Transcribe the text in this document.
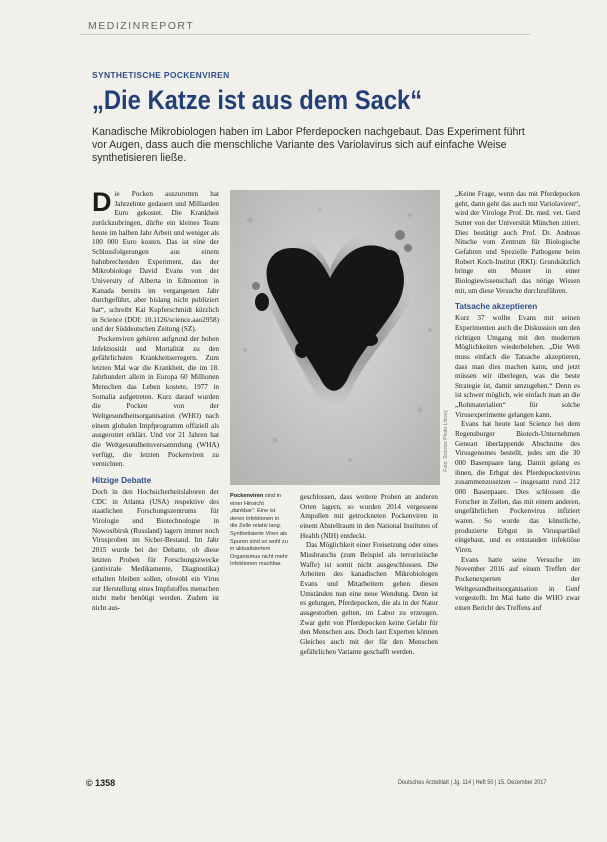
MEDIZINREPORT
SYNTHETISCHE POCKENVIREN
„Die Katze ist aus dem Sack“
Kanadische Mikrobiologen haben im Labor Pferdepocken nachgebaut. Das Experiment führt vor Augen, dass auch die menschliche Variante des Variolavirus sich auf einfache Weise synthetisieren ließe.

Die Pocken auszurotten hat Jahrzehnte gedauert und Milliarden Euro gekostet. Die Krankheit zurückzubringen, dürfte ein kleines Team heute im halben Jahr Arbeit und weniger als 100 000 Euro kosten. Das ist eine der Schlussfolgerungen aus einem bahnbrechenden Experiment, das der Mikrobiologe David Evans von der University of Alberta in Edmonton in Kanada bereits im vergangenen Jahr durchgeführt, aber bislang nicht publiziert hat“, schreibt Kai Kupferschmidt kürzlich in Science (DOI: 10.1126/science.aao2958) und der Süddeutschen Zeitung (SZ).

Pockenviren gehören aufgrund der hohen Infektiosität und Mortalität zu den gefährlichsten Krankheitserregern. Zum letzten Mal war die Krankheit, die im 18. Jahrhundert allein in Europa 60 Millionen Menschen das Leben kostete, 1977 in Somalia aufgetreten. Kurz darauf wurden die Pocken von der Weltgesundheitsorganisation (WHO) nach einem globalen Impfprogramm offiziell als ausgerottet erklärt. Und vor 21 Jahren hat die Weltgesundheitsversammlung (WHA) verfügt, die letzten Pockenviren zu vernichten.

Hitzige Debatte

Doch in den Hochsicherheitslaboren der CDC in Atlanta (USA) respektive des staatlichen Forschungszentrums für Virologie und Biotechnologie in Nowosibirsk (Russland) lagern immer noch Virusproben im Sicher-Bestand. Im Jahr 2015 wurde bei der Debatte, ob diese letzten Proben für Forschungszwecke (antivirale Medikamente, Diagnostika) erhalten bleiben sollen, obwohl ein Virus zur Herstellung eines Impfstoffes menschen nicht mehr benötigt werden. Zudem ist nicht aus-

Foto: Science Photo Library
Pockenviren sind in einer Hinsicht „dankbar“: Eine ist deren Infektionen in die Zelle relativ lang. Synthetisierte Viren als Spuren sind so wohl zu in aktualisiertem Organismus nicht mehr Infektionen machbar.

geschlossen, dass weitere Proben an anderen Orten lagern, so wurden 2014 vergessene Ampullen mit getrockneten Pockenviren in einem Abstellraum in den National Institutes of Health (NIH) entdeckt.

Das Möglichkeit einer Freisetzung oder eines Missbrauchs (zum Beispiel als terroristische Waffe) ist somit nicht ausgeschlossen. Die Arbeiten des kanadischen Mikrobiologen Evans und Mitarbeitern gehen diesen Umständen nun eine neue Wendung. Denn ist es gelungen, Pferdepocken, die als in der Natur ausgestorben gelten, im Labor zu erzeugen. Zwar geht von Pferdepocken keine Gefahr für den Menschen aus. Doch laut Experten können Gleiches auch mit der für den Menschen gefährlichen Variante geschafft werden.

„Keine Frage, wenn das mit Pferdepocken geht, dann geht das auch mit Variolaviren“, wird der Virologe Prof. Dr. med. vet. Gerd Sutter von der Universität München zitiert. Dies bestätigt auch Prof. Dr. Andreas Nitsche vom Zentrum für Biologische Gefahren und Spezielle Pathogene beim Robert Koch-Institut (RKI): Grundsätzlich bringe ein Muster in einer Biologiewissenschaft das nötige Wissen mit, um diese Versuche durchzuführen.

Tatsache akzeptieren

Kurz 37 wollte Evans mit seinen Experimenten auch die Diskussion um den richtigen Umgang mit den modernen Möglichkeiten wiederbeleben. „Die Welt muss einfach die Tatsache akzeptieren, dass man dies machen kann, und jetzt müssen wir überlegen, was die beste Strategie ist, damit umzugehen.“ Denn es ist schwer möglich, wie einfach man an die „Rohmaterialien“ für solche Virusexperimente gelangen kann.

Evans hat heute laut Science bei dem Regensburger Biotech-Unternehmen Geneart überlappende Abschnitte des Virusgenomes bestellt, jedes um die 30 000 Basenpaare lang. Damit gelang es ihnen, die Erbgut des Pferdepockenvirus zusammenzusetzen – insgesamt rund 212 000 Basenpaare. Dies schlossen die Forscher in Zellen, das mit einem anderen, ungefährlichen Pockenvirus infiziert waren. So wurde das künstliche, produzierte Erbgut in Viruspartikel eingebaut, und es entstanden infektiöse Viren.

Evans hatte seine Versuche im November 2016 auf einem Treffen der Pockenexperten der Weltgesundheitsorganisation in Genf vorgestellt. Im Mai hatte die WHO zwar einen Bericht des Treffens auf

© 1358	Deutsches Ärzteblatt | Jg. 114 | Heft 50 | 15. Dezember 2017
